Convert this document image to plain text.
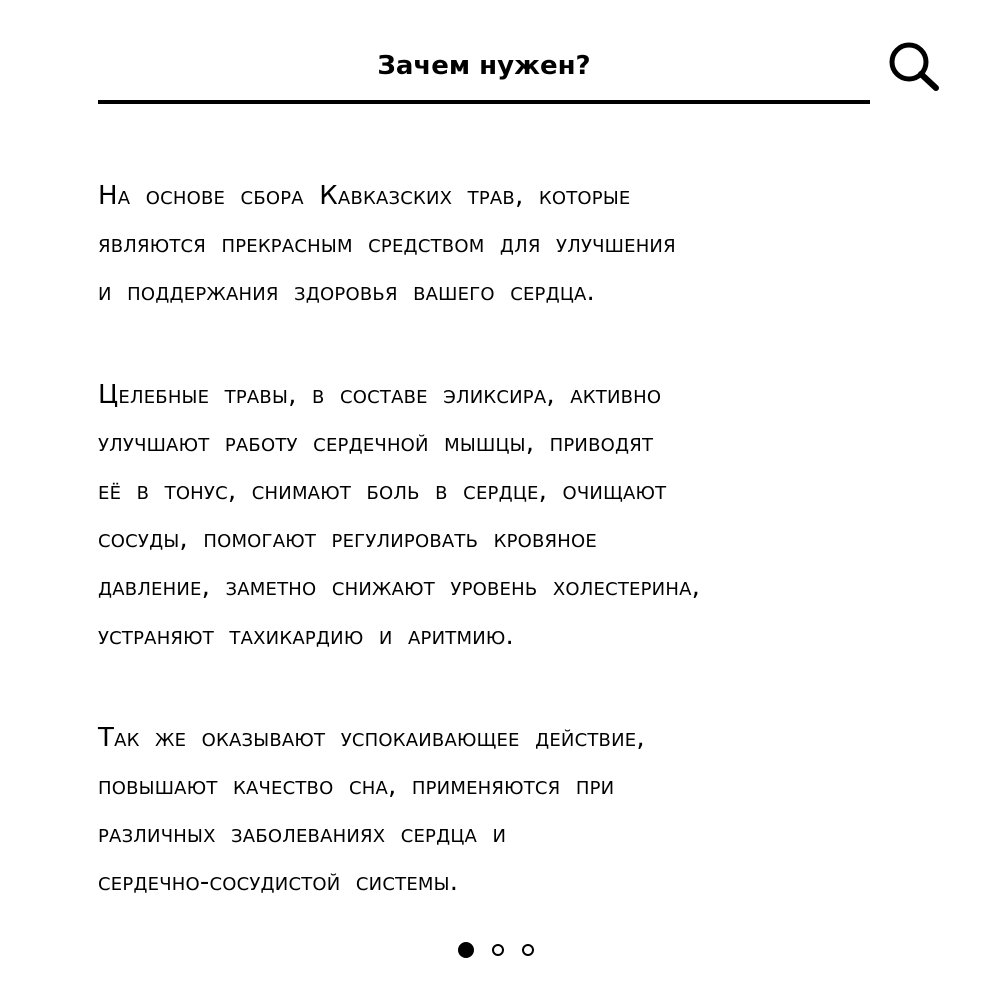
Зачем нужен?

На основе сбора Кавказских трав, которые
являются прекрасным средством для улучшения
и поддержания здоровья вашего сердца.

Целебные травы, в составе эликсира, активно
улучшают работу сердечной мышцы, приводят
её в тонус, снимают боль в сердце, очищают
сосуды, помогают регулировать кровяное
давление, заметно снижают уровень холестерина,
устраняют тахикардию и аритмию.

Так же оказывают успокаивающее действие,
повышают качество сна, применяются при
различных заболеваниях сердца и
сердечно-сосудистой системы.
